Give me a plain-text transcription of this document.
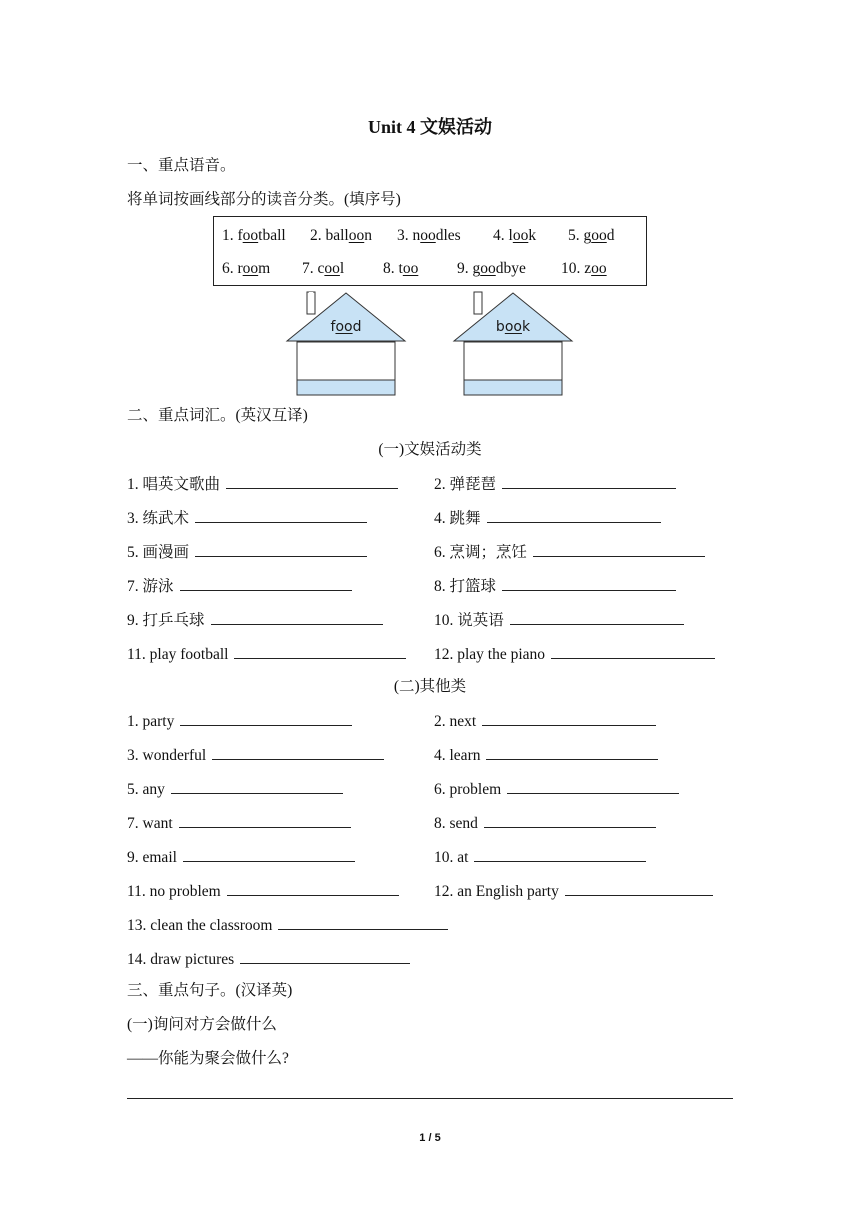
Unit 4 文娱活动
一、重点语音。
将单词按画线部分的读音分类。(填序号)
1. football 2. balloon 3. noodles 4. look 5. good
6. room 7. cool	8. too 9. goodbye 10. zoo
food	book
二、重点词汇。(英汉互译)
(一)文娱活动类
1. 唱英文歌曲	2. 弹琵琶
3. 练武术	4. 跳舞
5. 画漫画	6. 烹调；烹饪
7. 游泳	8. 打篮球
9. 打乒乓球	10. 说英语
11. play football	12. play the piano
(二)其他类
1. party	2. next
3. wonderful	4. learn
5. any	6. problem
7. want	8. send
9. email	10. at
11. no problem	12. an English party
13. clean the classroom
14. draw pictures
三、重点句子。(汉译英)
(一)询问对方会做什么
——你能为聚会做什么?
1 / 5
